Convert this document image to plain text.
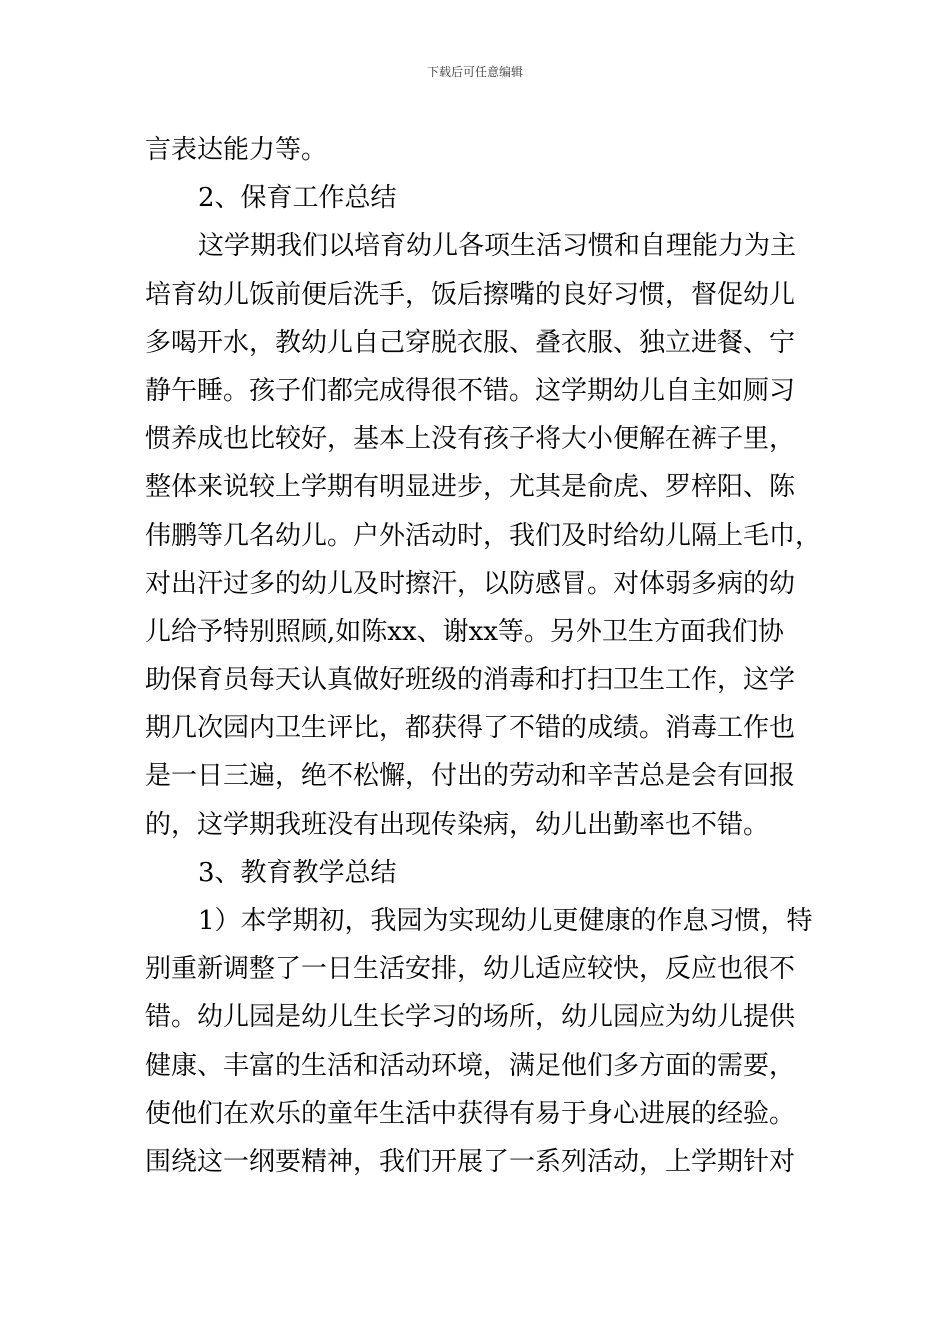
下载后可任意编辑
言表达能力等。
2、保育工作总结
这学期我们以培育幼儿各项生活习惯和自理能力为主
培育幼儿饭前便后洗手，饭后擦嘴的良好习惯，督促幼儿
多喝开水，教幼儿自己穿脱衣服、叠衣服、独立进餐、宁
静午睡。孩子们都完成得很不错。这学期幼儿自主如厕习
惯养成也比较好，基本上没有孩子将大小便解在裤子里，
整体来说较上学期有明显进步，尤其是俞虎、罗梓阳、陈
伟鹏等几名幼儿。户外活动时，我们及时给幼儿隔上毛巾，
对出汗过多的幼儿及时擦汗，以防感冒。对体弱多病的幼
儿给予特别照顾,如陈xx、谢xx等。另外卫生方面我们协
助保育员每天认真做好班级的消毒和打扫卫生工作，这学
期几次园内卫生评比，都获得了不错的成绩。消毒工作也
是一日三遍，绝不松懈，付出的劳动和辛苦总是会有回报
的，这学期我班没有出现传染病，幼儿出勤率也不错。
3、教育教学总结
1）本学期初，我园为实现幼儿更健康的作息习惯，特
别重新调整了一日生活安排，幼儿适应较快，反应也很不
错。幼儿园是幼儿生长学习的场所，幼儿园应为幼儿提供
健康、丰富的生活和活动环境，满足他们多方面的需要，
使他们在欢乐的童年生活中获得有易于身心进展的经验。
围绕这一纲要精神，我们开展了一系列活动，上学期针对
